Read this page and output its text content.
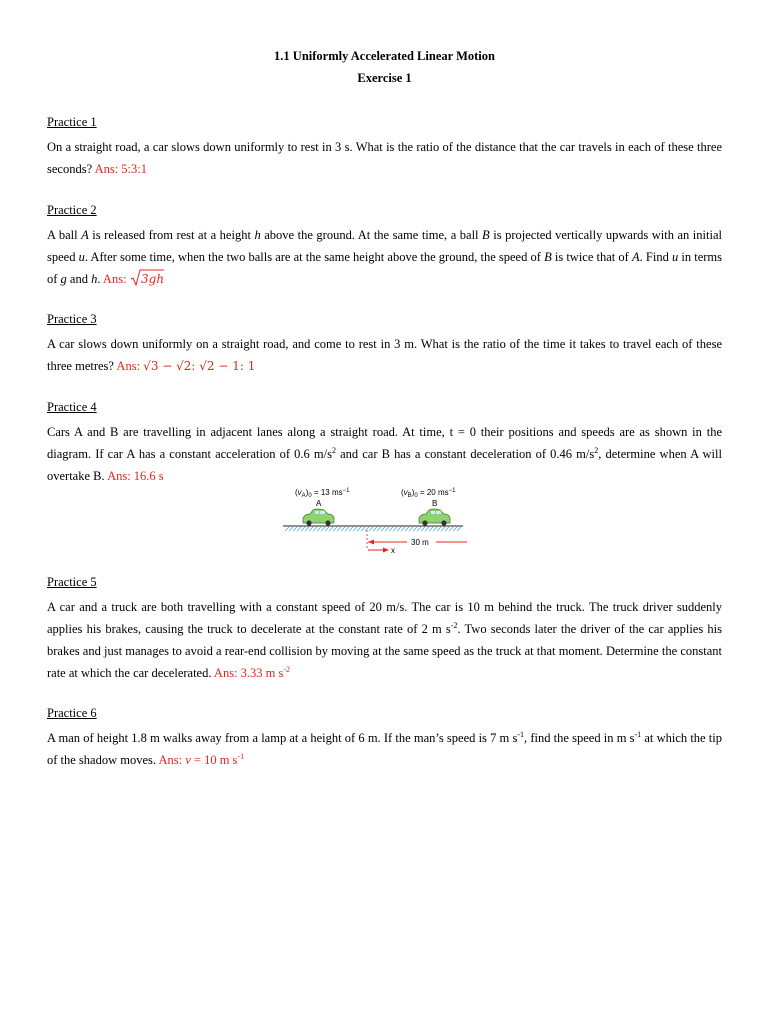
1.1 Uniformly Accelerated Linear Motion
Exercise 1
Practice 1

On a straight road, a car slows down uniformly to rest in 3 s. What is the ratio of the distance that the car travels in each of these three seconds? Ans: 5:3:1

Practice 2

A ball A is released from rest at a height h above the ground. At the same time, a ball B is projected vertically upwards with an initial speed u. After some time, when the two balls are at the same height above the ground, the speed of B is twice that of A. Find u in terms of g and h. Ans: 3gh

Practice 3

A car slows down uniformly on a straight road, and come to rest in 3 m. What is the ratio of the time it takes to travel each of these three metres? Ans: √3 − √2: √2 − 1: 1

Practice 4

Cars A and B are travelling in adjacent lanes along a straight road. At time, t = 0 their positions and speeds are as shown in the diagram. If car A has a constant acceleration of 0.6 $m/s^2$ and car B has a constant deceleration of 0.46 $m/s^2$, determine when A will overtake B. Ans: 16.6 s

$(v_A)_0 = 13$ $ms^{-1}$
A
$(v_B)_0 = 20$ $ms^{-1}$
B
30 m
x
Practice 5

A car and a truck are both travelling with a constant speed of 20 m/s. The car is 10 m behind the truck. The truck driver suddenly applies his brakes, causing the truck to decelerate at the constant rate of 2 m $s^{-2}$. Two seconds later the driver of the car applies his brakes and just manages to avoid a rear-end collision by moving at the same speed as the truck at that moment. Determine the constant rate at which the car decelerated. Ans: 3.33 m $s^{-2}$

Practice 6

A man of height 1.8 m walks away from a lamp at a height of 6 m. If the man’s speed is 7 m $s^{-1}$, find the speed in m $s^{-1}$ at which the tip of the shadow moves. Ans: v = 10 m $s^{-1}$
